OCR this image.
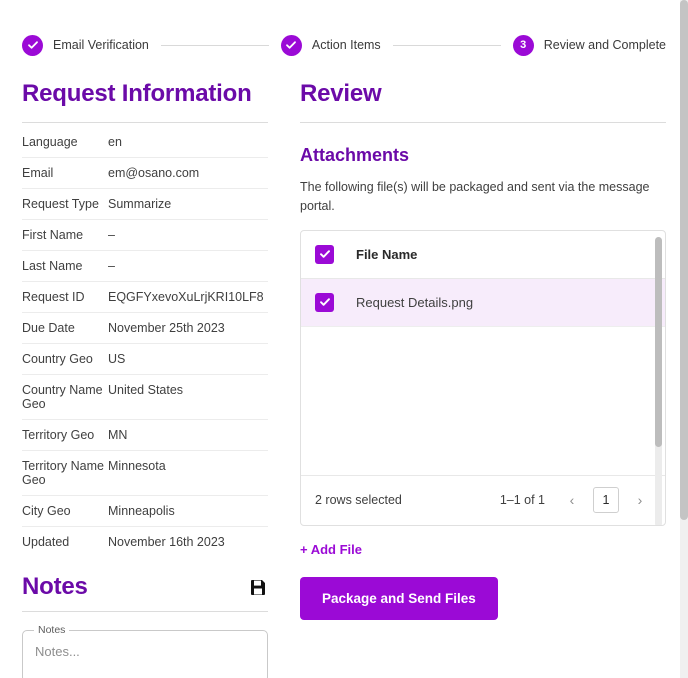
Email Verification	Action Items	3	Review and Complete
Request Information
Language	en
Email	em@osano.com
Request Type	Summarize
First Name	–
Last Name	–
Request ID	EQGFYxevoXuLrjKRI10LF8
Due Date	November 25th 2023
Country Geo	US
Country Name Geo	United States
Territory Geo	MN
Territory Name Geo	Minnesota
City Geo	Minneapolis
Updated	November 16th 2023
Notes
Notes
Notes...
Review
Attachments

The following file(s) will be packaged and sent via the message portal.

File Name
Request Details.png
2 rows selected	1–1 of 1	‹	1	›
+ Add File
Package and Send Files
